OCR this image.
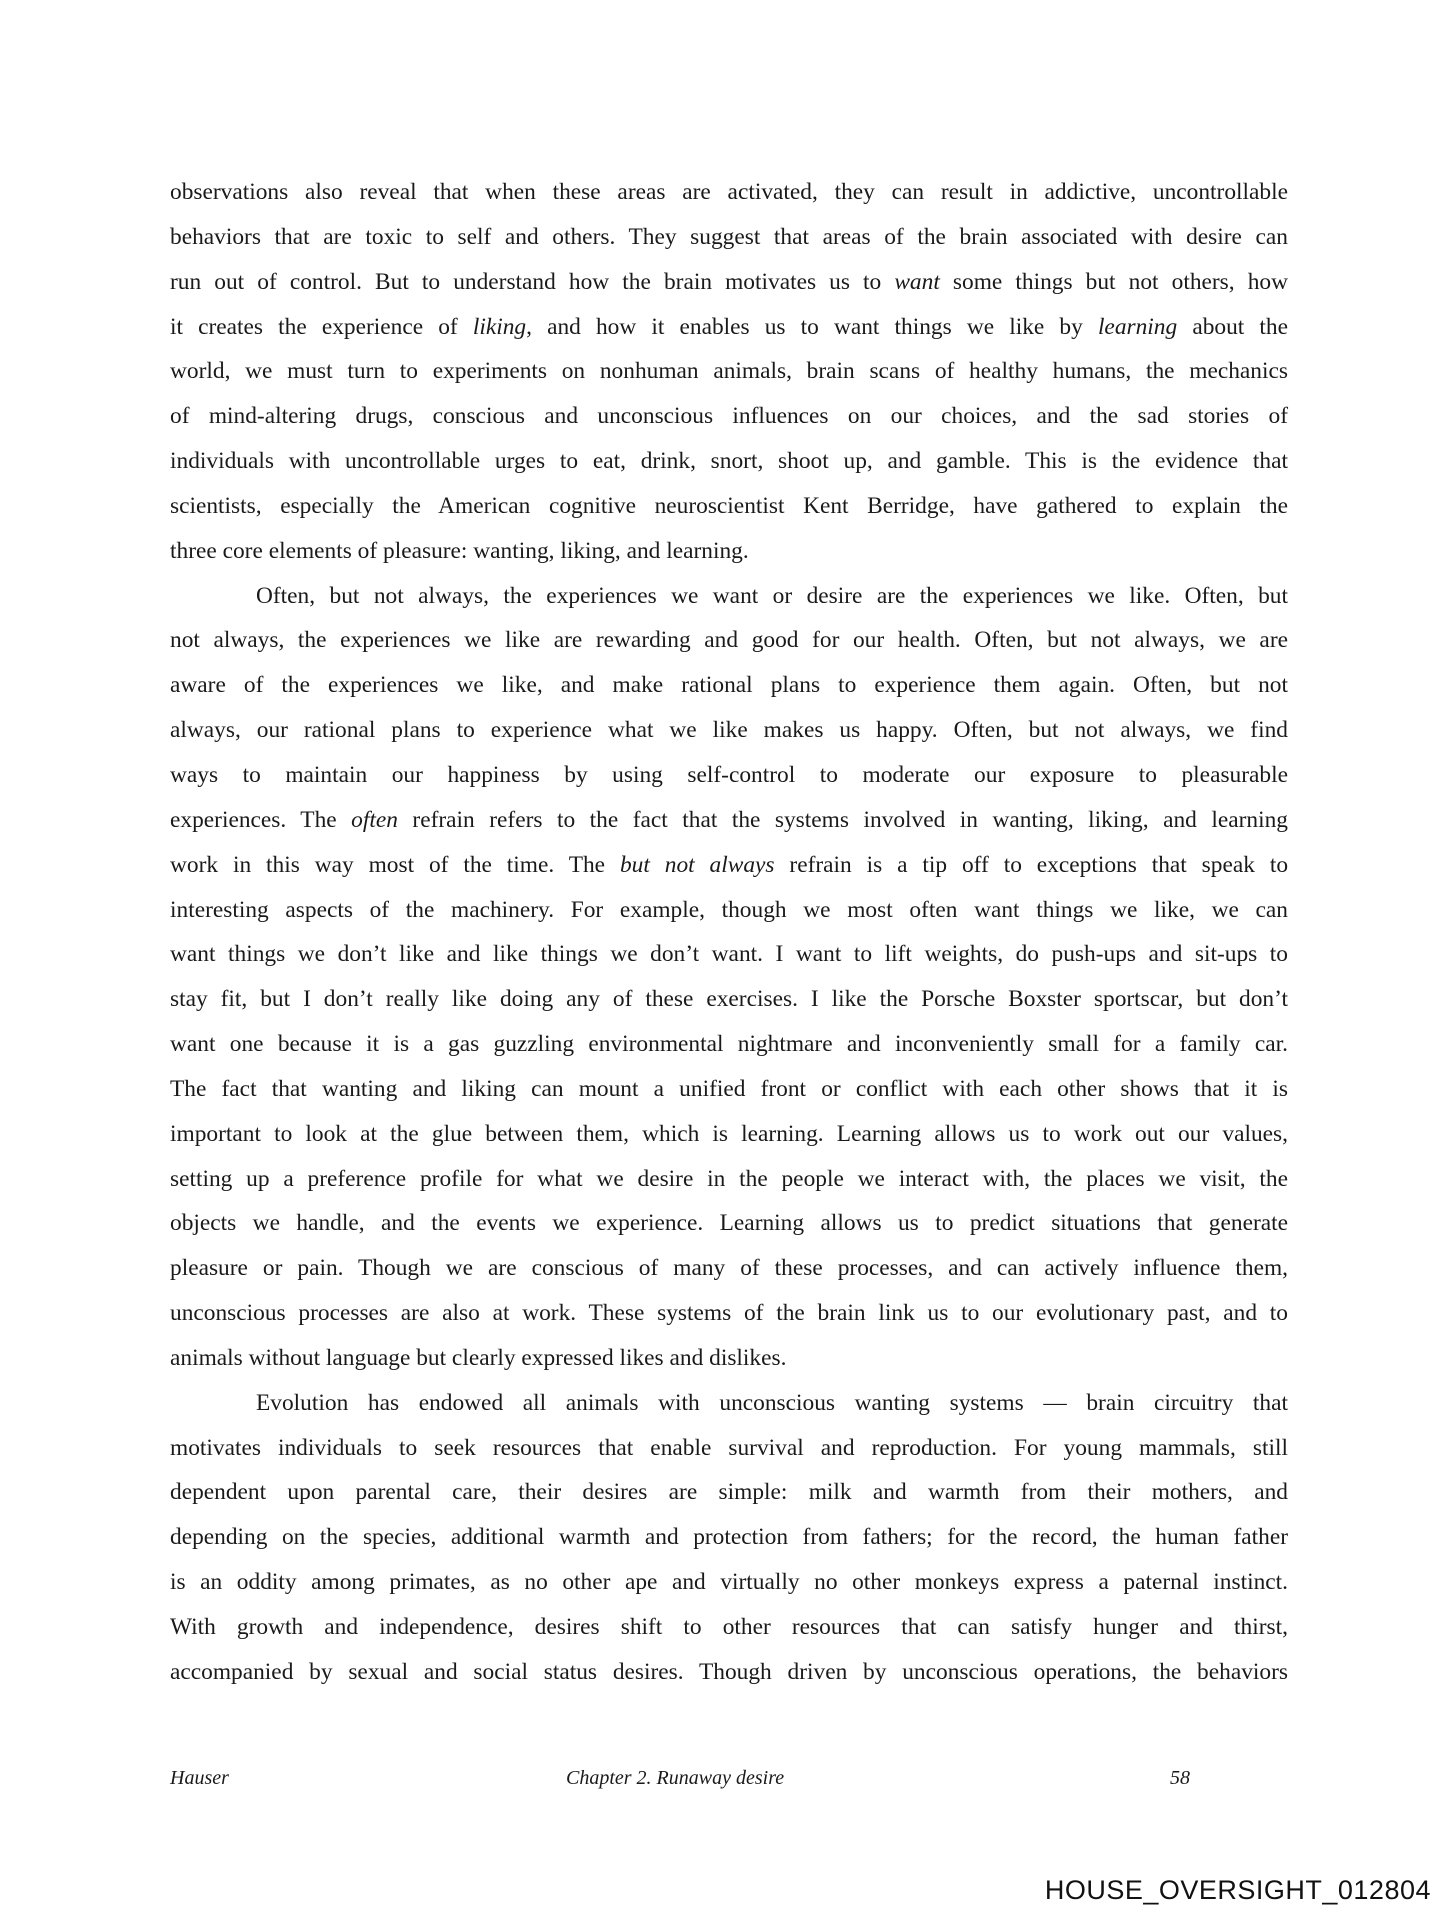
observations also reveal that when these areas are activated, they can result in addictive, uncontrollable
behaviors that are toxic to self and others. They suggest that areas of the brain associated with desire can
run out of control. But to understand how the brain motivates us to want some things but not others, how
it creates the experience of liking, and how it enables us to want things we like by learning about the
world, we must turn to experiments on nonhuman animals, brain scans of healthy humans, the mechanics
of mind-altering drugs, conscious and unconscious influences on our choices, and the sad stories of
individuals with uncontrollable urges to eat, drink, snort, shoot up, and gamble. This is the evidence that
scientists, especially the American cognitive neuroscientist Kent Berridge, have gathered to explain the
three core elements of pleasure: wanting, liking, and learning.
Often, but not always, the experiences we want or desire are the experiences we like. Often, but
not always, the experiences we like are rewarding and good for our health. Often, but not always, we are
aware of the experiences we like, and make rational plans to experience them again. Often, but not
always, our rational plans to experience what we like makes us happy. Often, but not always, we find
ways to maintain our happiness by using self-control to moderate our exposure to pleasurable
experiences. The often refrain refers to the fact that the systems involved in wanting, liking, and learning
work in this way most of the time. The but not always refrain is a tip off to exceptions that speak to
interesting aspects of the machinery. For example, though we most often want things we like, we can
want things we don’t like and like things we don’t want. I want to lift weights, do push-ups and sit-ups to
stay fit, but I don’t really like doing any of these exercises. I like the Porsche Boxster sportscar, but don’t
want one because it is a gas guzzling environmental nightmare and inconveniently small for a family car.
The fact that wanting and liking can mount a unified front or conflict with each other shows that it is
important to look at the glue between them, which is learning. Learning allows us to work out our values,
setting up a preference profile for what we desire in the people we interact with, the places we visit, the
objects we handle, and the events we experience. Learning allows us to predict situations that generate
pleasure or pain. Though we are conscious of many of these processes, and can actively influence them,
unconscious processes are also at work. These systems of the brain link us to our evolutionary past, and to
animals without language but clearly expressed likes and dislikes.
Evolution has endowed all animals with unconscious wanting systems — brain circuitry that
motivates individuals to seek resources that enable survival and reproduction. For young mammals, still
dependent upon parental care, their desires are simple: milk and warmth from their mothers, and
depending on the species, additional warmth and protection from fathers; for the record, the human father
is an oddity among primates, as no other ape and virtually no other monkeys express a paternal instinct.
With growth and independence, desires shift to other resources that can satisfy hunger and thirst,
accompanied by sexual and social status desires. Though driven by unconscious operations, the behaviors
Hauser	Chapter 2. Runaway desire	58
HOUSE_OVERSIGHT_012804
